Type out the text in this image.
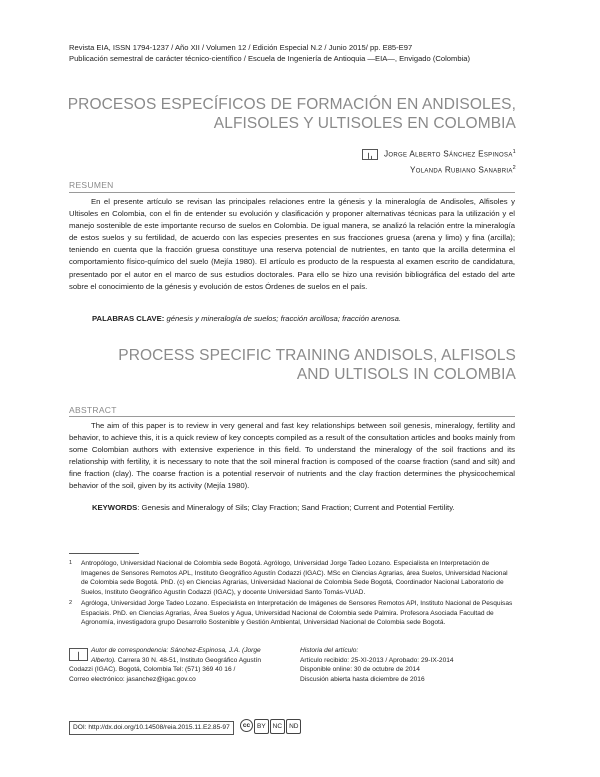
Revista EIA, ISSN 1794-1237 / Año XII / Volumen 12 / Edición Especial N.2 / Junio 2015/ pp. E85-E97
Publicación semestral de carácter técnico-científico / Escuela de Ingeniería de Antioquia —EIA—, Envigado (Colombia)
PROCESOS ESPECÍFICOS DE FORMACIÓN EN ANDISOLES,
ALFISOLES Y ULTISOLES EN COLOMBIA
Jorge Alberto Sánchez Espinosa$^1$
Yolanda Rubiano Sanabria$^2$
RESUMEN
En el presente artículo se revisan las principales relaciones entre la génesis y la mineralogía de Andisoles, Alfisoles y Ultisoles en Colombia, con el fin de entender su evolución y clasificación y proponer alternativas técnicas para la utilización y el manejo sostenible de este importante recurso de suelos en Colombia. De igual manera, se analizó la relación entre la mineralogía de estos suelos y su fertilidad, de acuerdo con las especies presentes en sus fracciones gruesa (arena y limo) y fina (arcilla); teniendo en cuenta que la fracción gruesa constituye una reserva potencial de nutrientes, en tanto que la arcilla determina el comportamiento físico-químico del suelo (Mejía 1980). El artículo es producto de la respuesta al examen escrito de candidatura, presentado por el autor en el marco de sus estudios doctorales. Para ello se hizo una revisión bibliográfica del estado del arte sobre el conocimiento de la génesis y evolución de estos Órdenes de suelos en el país.
PALABRAS CLAVE: génesis y mineralogía de suelos; fracción arcillosa; fracción arenosa.
PROCESS SPECIFIC TRAINING ANDISOLS, ALFISOLS
AND ULTISOLS IN COLOMBIA
ABSTRACT
The aim of this paper is to review in very general and fast key relationships between soil genesis, mineralogy, fertility and behavior, to achieve this, it is a quick review of key concepts compiled as a result of the consultation articles and books mainly from some Colombian authors with extensive experience in this field. To understand the mineralogy of the soil fractions and its relationship with fertility, it is necessary to note that the soil mineral fraction is composed of the coarse fraction (sand and silt) and fine fraction (clay). The coarse fraction is a potential reservoir of nutrients and the clay fraction determines the physicochemical behavior of the soil, given by its activity (Mejía 1980).
KEYWORDS: Genesis and Mineralogy of Sils; Clay Fraction; Sand Fraction; Current and Potential Fertility.
1 Antropólogo, Universidad Nacional de Colombia sede Bogotá. Agrólogo, Universidad Jorge Tadeo Lozano. Especialista en Interpretación de Imagenes de Sensores Remotos APL, Instituto Geográfico Agustín Codazzi (IGAC). MSc en Ciencias Agrarias, área Suelos, Universidad Nacional de Colombia sede Bogotá. PhD. (c) en Ciencias Agrarias, Universidad Nacional de Colombia Sede Bogotá, Coordinador Nacional Laboratorio de Suelos, Instituto Geográfico Agustín Codazzi (IGAC), y docente Universidad Santo Tomás-VUAD.
2 Agróloga, Universidad Jorge Tadeo Lozano. Especialista en Interpretación de Imágenes de Sensores Remotos API, Instituto Nacional de Pesquisas Espaciais. PhD. en Ciencias Agrarias, Área Suelos y Agua, Universidad Nacional de Colombia sede Palmira. Profesora Asociada Facultad de Agronomía, investigadora grupo Desarrollo Sostenible y Gestión Ambiental, Universidad Nacional de Colombia sede Bogotá.
Autor de correspondencia: Sánchez-Espinosa, J.A. (Jorge
Alberto). Carrera 30 N. 48-51, Instituto Geográfico Agustín
Codazzi (IGAC). Bogotá, Colombia Tel: (571) 369 40 16 /
Correo electrónico: jasanchez@igac.gov.co
Historia del artículo:
Artículo recibido: 25-XI-2013 / Aprobado: 29-IX-2014
Disponible online: 30 de octubre de 2014
Discusión abierta hasta diciembre de 2016
DOI: http://dx.doi.org/10.14508/reia.2015.11.E2.85-97	cc	BY	NC	ND
